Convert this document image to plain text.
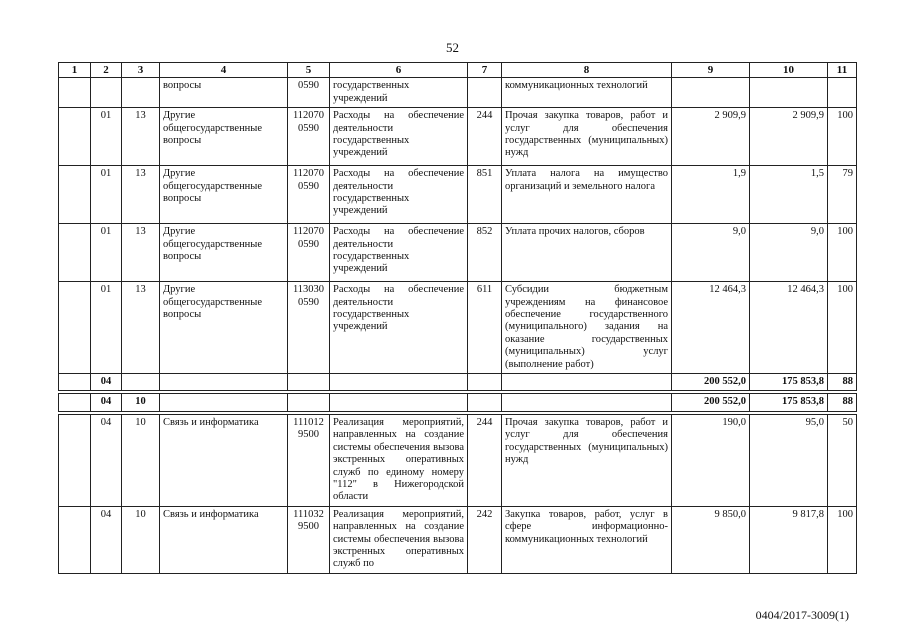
52
1	2	3	4	5	6	7	8	9	10	11
			вопросы	0590	государственных учреждений		коммуникационных технологий			
	01	13	Другие общегосударственные вопросы	112070 0590	Расходы на обеспечение деятельности государственных учреждений	244	Прочая закупка товаров, работ и услуг для обеспечения государственных (муниципальных) нужд	2 909,9	2 909,9	100
	01	13	Другие общегосударственные вопросы	112070 0590	Расходы на обеспечение деятельности государственных учреждений	851	Уплата налога на имущество организаций и земельного налога	1,9	1,5	79
	01	13	Другие общегосударственные вопросы	112070 0590	Расходы на обеспечение деятельности государственных учреждений	852	Уплата прочих налогов, сборов	9,0	9,0	100
	01	13	Другие общегосударственные вопросы	113030 0590	Расходы на обеспечение деятельности государственных учреждений	611	Субсидии бюджетным учреждениям на финансовое обеспечение государственного (муниципального) задания на оказание государственных (муниципальных) услуг (выполнение работ)	12 464,3	12 464,3	100
	04							200 552,0	175 853,8	88

	04	10						200 552,0	175 853,8	88

	04	10	Связь и информатика	111012 9500	Реализация мероприятий, направленных на создание системы обеспечения вызова экстренных оперативных служб по единому номеру "112" в Нижегородской области	244	Прочая закупка товаров, работ и услуг для обеспечения государственных (муниципальных) нужд	190,0	95,0	50
	04	10	Связь и информатика	111032 9500	Реализация мероприятий, направленных на создание системы обеспечения вызова экстренных оперативных служб по	242	Закупка товаров, работ, услуг в сфере информационно-коммуникационных технологий	9 850,0	9 817,8	100
0404/2017-3009(1)
